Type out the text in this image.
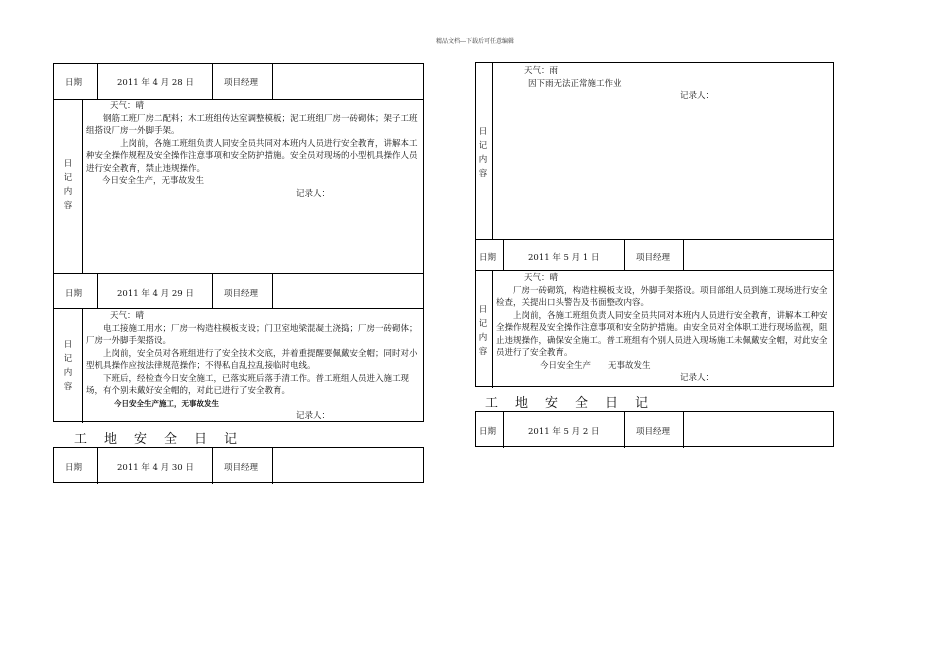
精品文档---下载后可任意编辑
日期	2011 年 4 月 28 日	项目经理
日记内容

天气：晴

钢筋工班厂房二配料；木工班组传达室调整模板；泥工班组厂房一砖砌体；架子工班组搭设厂房一外脚手架。

上岗前，各施工班组负责人同安全员共同对本班内人员进行安全教育，讲解本工种安全操作规程及安全操作注意事项和安全防护措施。安全员对现场的小型机具操作人员进行安全教育，禁止违规操作。

今日安全生产，无事故发生

记录人：

日期	2011 年 4 月 29 日	项目经理
日记内容

天气：晴

电工接施工用水；厂房一构造柱模板支设；门卫室地梁混凝土浇捣；厂房一砖砌体；厂房一外脚手架搭设。

上岗前，安全员对各班组进行了安全技术交底，并着重提醒要佩戴安全帽；同时对小型机具操作应按法律规范操作；不得私自乱拉乱接临时电线。

下班后，经检查今日安全施工，已落实班后落手清工作。普工班组人员进入施工现场，有个别未戴好安全帽的，对此已进行了安全教育。

今日安全生产施工，无事故发生

记录人：

工地安全日记
日期	2011 年 4 月 30 日	项目经理
日记内容

天气：雨

因下雨无法正常施工作业

记录人：

日期	2011 年 5 月 1 日	项目经理
日记内容

天气：晴

厂房一砖砌筑，构造柱模板支设，外脚手架搭设。项目部组人员到施工现场进行安全检查，关提出口头警告及书面整改内容。

上岗前，各施工班组负责人同安全员共同对本班内人员进行安全教育，讲解本工种安全操作规程及安全操作注意事项和安全防护措施。由安全员对全体职工进行现场监视，阻止违规操作，确保安全施工。普工班组有个别人员进入现场施工未佩戴安全帽，对此安全员进行了安全教育。

今日安全生产　　无事故发生

记录人：

工地安全日记
日期	2011 年 5 月 2 日	项目经理
